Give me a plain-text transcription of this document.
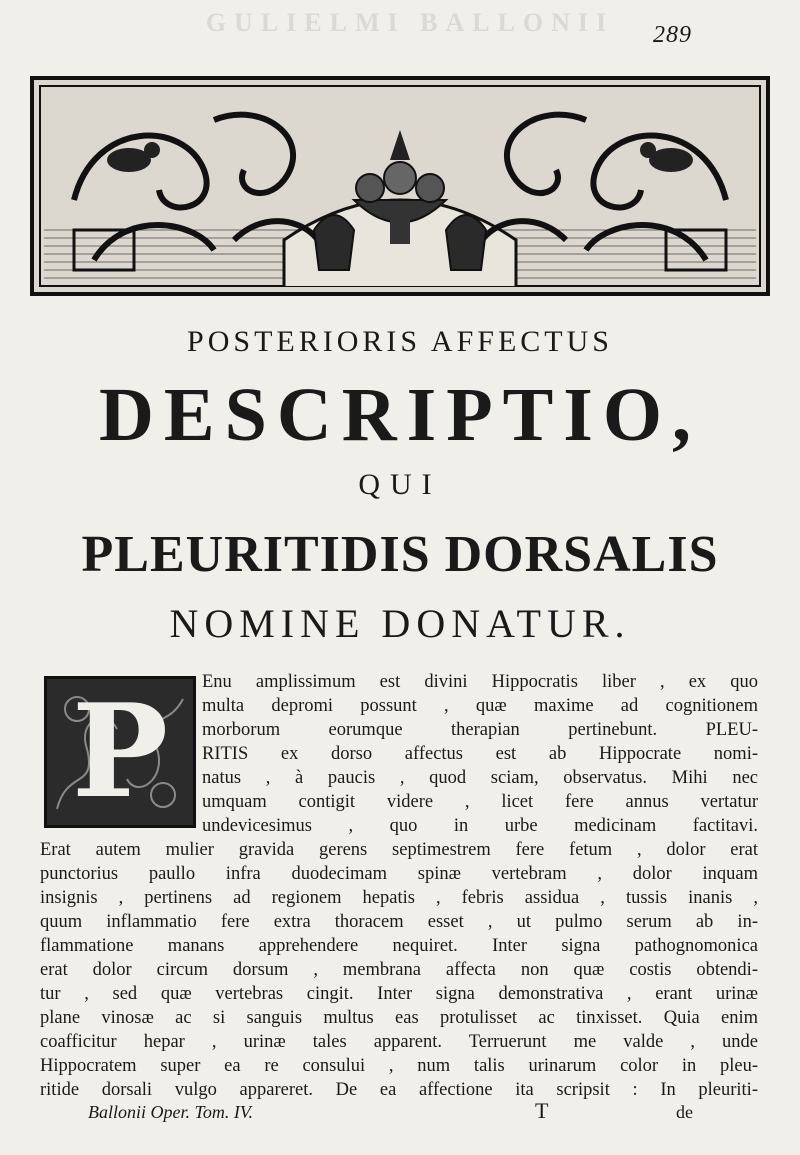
GULIELMI BALLONII	289
POSTERIORIS AFFECTUS
DESCRIPTIO,
QUI
PLEURITIDIS DORSALIS
NOMINE DONATUR.
P	Enu amplissimum est divini Hippocratis liber , ex quo
multa depromi possunt , quæ maxime ad cognitionem
morborum eorumque therapian pertinebunt. PLEU-
RITIS ex dorso affectus est ab Hippocrate nomi-
natus , à paucis , quod sciam, observatus. Mihi nec
umquam contigit videre , licet fere annus vertatur
undevicesimus , quo in urbe medicinam factitavi.
Erat autem mulier gravida gerens septimestrem fere fetum , dolor erat
punctorius paullo infra duodecimam spinæ vertebram , dolor inquam
insignis , pertinens ad regionem hepatis , febris assidua , tussis inanis ,
quum inflammatio fere extra thoracem esset , ut pulmo serum ab in-
flammatione manans apprehendere nequiret. Inter signa pathognomonica
erat dolor circum dorsum , membrana affecta non quæ costis obtendi-
tur , sed quæ vertebras cingit. Inter signa demonstrativa , erant urinæ
plane vinosæ ac si sanguis multus eas protulisset ac tinxisset. Quia enim
coafficitur hepar , urinæ tales apparent. Terruerunt me valde , unde
Hippocratem super ea re consului , num talis urinarum color in pleu-
ritide dorsali vulgo appareret. De ea affectione ita scripsit : In pleuriti-
Ballonii Oper. Tom. IV.	T	de
